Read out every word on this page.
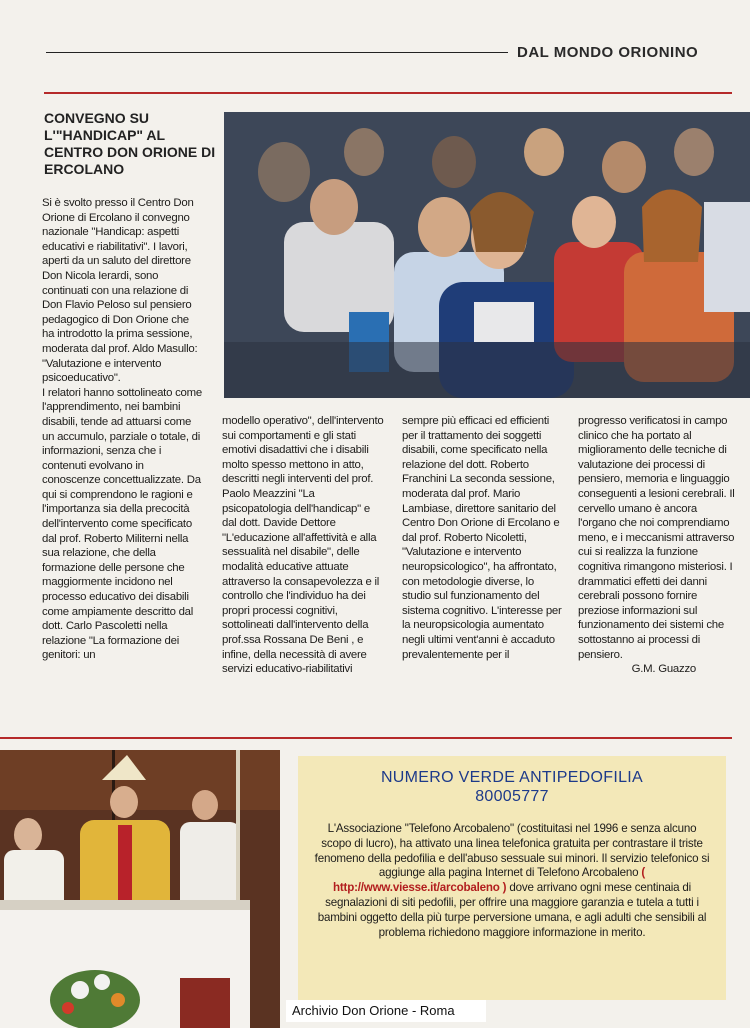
DAL MONDO ORIONINO
CONVEGNO SU L'"HANDICAP" AL CENTRO DON ORIONE DI ERCOLANO

Si è svolto presso il Centro Don Orione di Ercolano il convegno nazionale "Handicap: aspetti educativi e riabilitativi". I lavori, aperti da un saluto del direttore Don Nicola Ierardi, sono continuati con una relazione di Don Flavio Peloso sul pensiero pedagogico di Don Orione che ha introdotto la prima sessione, moderata dal prof. Aldo Masullo: "Valutazione e intervento psicoeducativo".

I relatori hanno sottolineato come l'apprendimento, nei bambini disabili, tende ad attuarsi come un accumulo, parziale o totale, di informazioni, senza che i contenuti evolvano in conoscenze concettualizzate. Da qui si comprendono le ragioni e l'importanza sia della precocità dell'intervento come specificato dal prof. Roberto Militerni nella sua relazione, che della formazione delle persone che maggiormente incidono nel processo educativo dei disabili come ampiamente descritto dal dott. Carlo Pascoletti nella relazione "La formazione dei genitori: un

modello operativo", dell'intervento sui comportamenti e gli stati emotivi disadattivi che i disabili molto spesso mettono in atto, descritti negli interventi del prof. Paolo Meazzini "La psicopatologia dell'handicap" e dal dott. Davide Dettore "L'educazione all'affettività e alla sessualità nel disabile", delle modalità educative attuate attraverso la consapevolezza e il controllo che l'individuo ha dei propri processi cognitivi, sottolineati dall'intervento della prof.ssa Rossana De Beni , e infine, della necessità di avere servizi educativo-riabilitativi

sempre più efficaci ed efficienti per il trattamento dei soggetti disabili, come specificato nella relazione del dott. Roberto Franchini La seconda sessione, moderata dal prof. Mario Lambiase, direttore sanitario del Centro Don Orione di Ercolano e dal prof. Roberto Nicoletti, "Valutazione e intervento neuropsicologico", ha affrontato, con metodologie diverse, lo studio sul funzionamento del sistema cognitivo. L'interesse per la neuropsicologia aumentato negli ultimi vent'anni è accaduto prevalentemente per il

progresso verificatosi in campo clinico che ha portato al miglioramento delle tecniche di valutazione dei processi di pensiero, memoria e linguaggio conseguenti a lesioni cerebrali. Il cervello umano è ancora l'organo che noi comprendiamo meno, e i meccanismi attraverso cui si realizza la funzione cognitiva rimangono misteriosi. I drammatici effetti dei danni cerebrali possono fornire preziose informazioni sul funzionamento dei sistemi che sottostanno ai processi di pensiero.

G.M. Guazzo

NUMERO VERDE ANTIPEDOFILIA
80005777
L'Associazione "Telefono Arcobaleno" (costituitasi nel 1996 e senza alcuno scopo di lucro), ha attivato una linea telefonica gratuita per contrastare il triste fenomeno della pedofilia e dell'abuso sessuale sui minori. Il servizio telefonico si aggiunge alla pagina Internet di Telefono Arcobaleno ( http://www.viesse.it/arcobaleno ) dove arrivano ogni mese centinaia di segnalazioni di siti pedofili, per offrire una maggiore garanzia e tutela a tutti i bambini oggetto della più turpe perversione umana, e agli adulti che sensibili al problema richiedono maggiore informazione in merito.
Archivio Don Orione - Roma
